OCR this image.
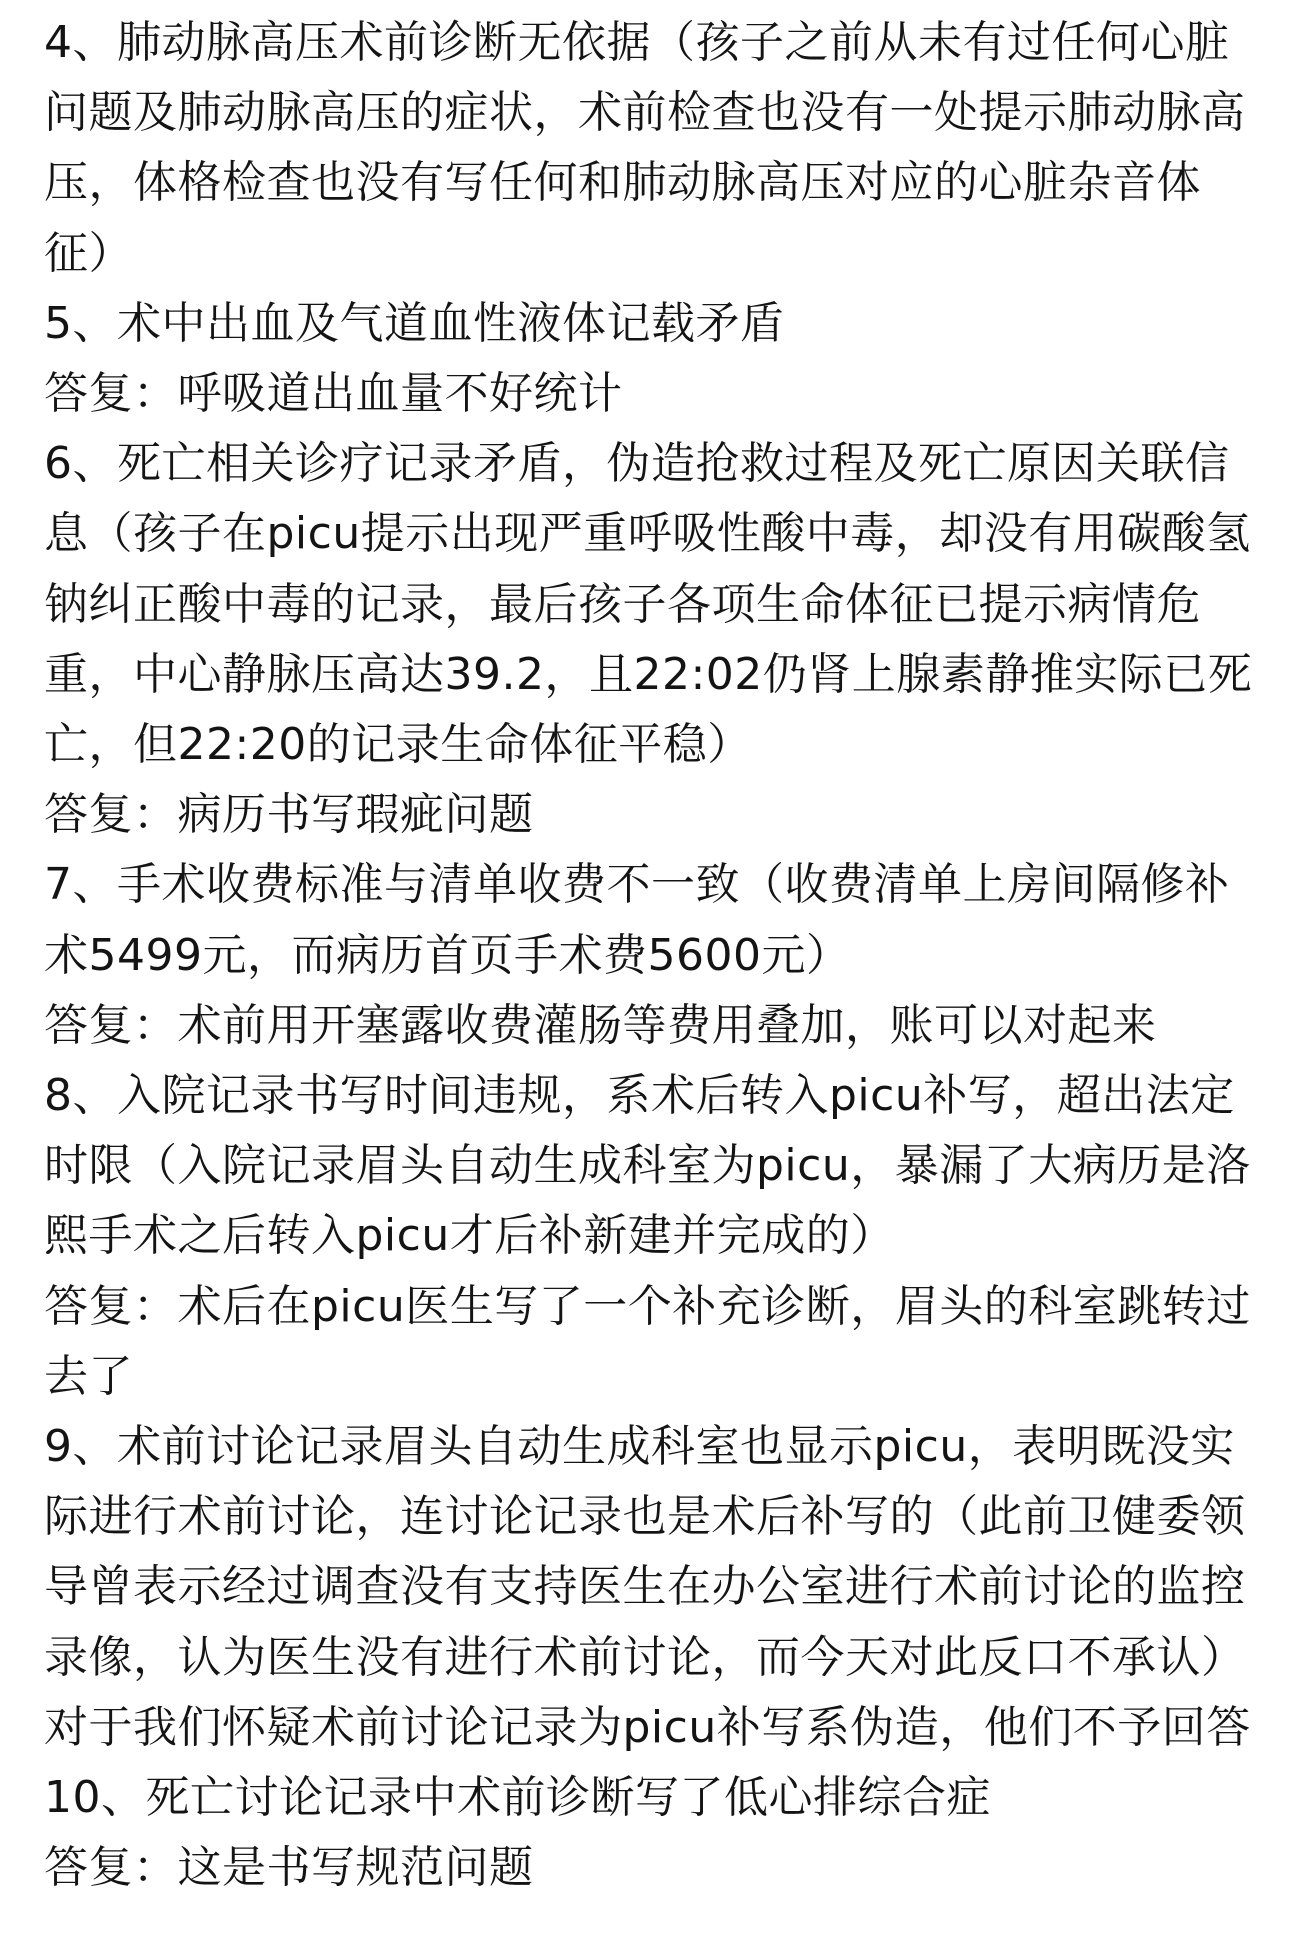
4、肺动脉高压术前诊断无依据（孩子之前从未有过任何心脏问题及肺动脉高压的症状，术前检查也没有一处提示肺动脉高压，体格检查也没有写任何和肺动脉高压对应的心脏杂音体征）

5、术中出血及气道血性液体记载矛盾

答复：呼吸道出血量不好统计

6、死亡相关诊疗记录矛盾，伪造抢救过程及死亡原因关联信息（孩子在picu提示出现严重呼吸性酸中毒，却没有用碳酸氢钠纠正酸中毒的记录，最后孩子各项生命体征已提示病情危重，中心静脉压高达39.2，且22:02仍肾上腺素静推实际已死亡，但22:20的记录生命体征平稳）

答复：病历书写瑕疵问题

7、手术收费标准与清单收费不一致（收费清单上房间隔修补术5499元，而病历首页手术费5600元）

答复：术前用开塞露收费灌肠等费用叠加，账可以对起来

8、入院记录书写时间违规，系术后转入picu补写，超出法定时限（入院记录眉头自动生成科室为picu，暴漏了大病历是洛熙手术之后转入picu才后补新建并完成的）

答复：术后在picu医生写了一个补充诊断，眉头的科室跳转过去了

9、术前讨论记录眉头自动生成科室也显示picu，表明既没实际进行术前讨论，连讨论记录也是术后补写的（此前卫健委领导曾表示经过调查没有支持医生在办公室进行术前讨论的监控录像，认为医生没有进行术前讨论，而今天对此反口不承认）对于我们怀疑术前讨论记录为picu补写系伪造，他们不予回答

10、死亡讨论记录中术前诊断写了低心排综合症

答复：这是书写规范问题
